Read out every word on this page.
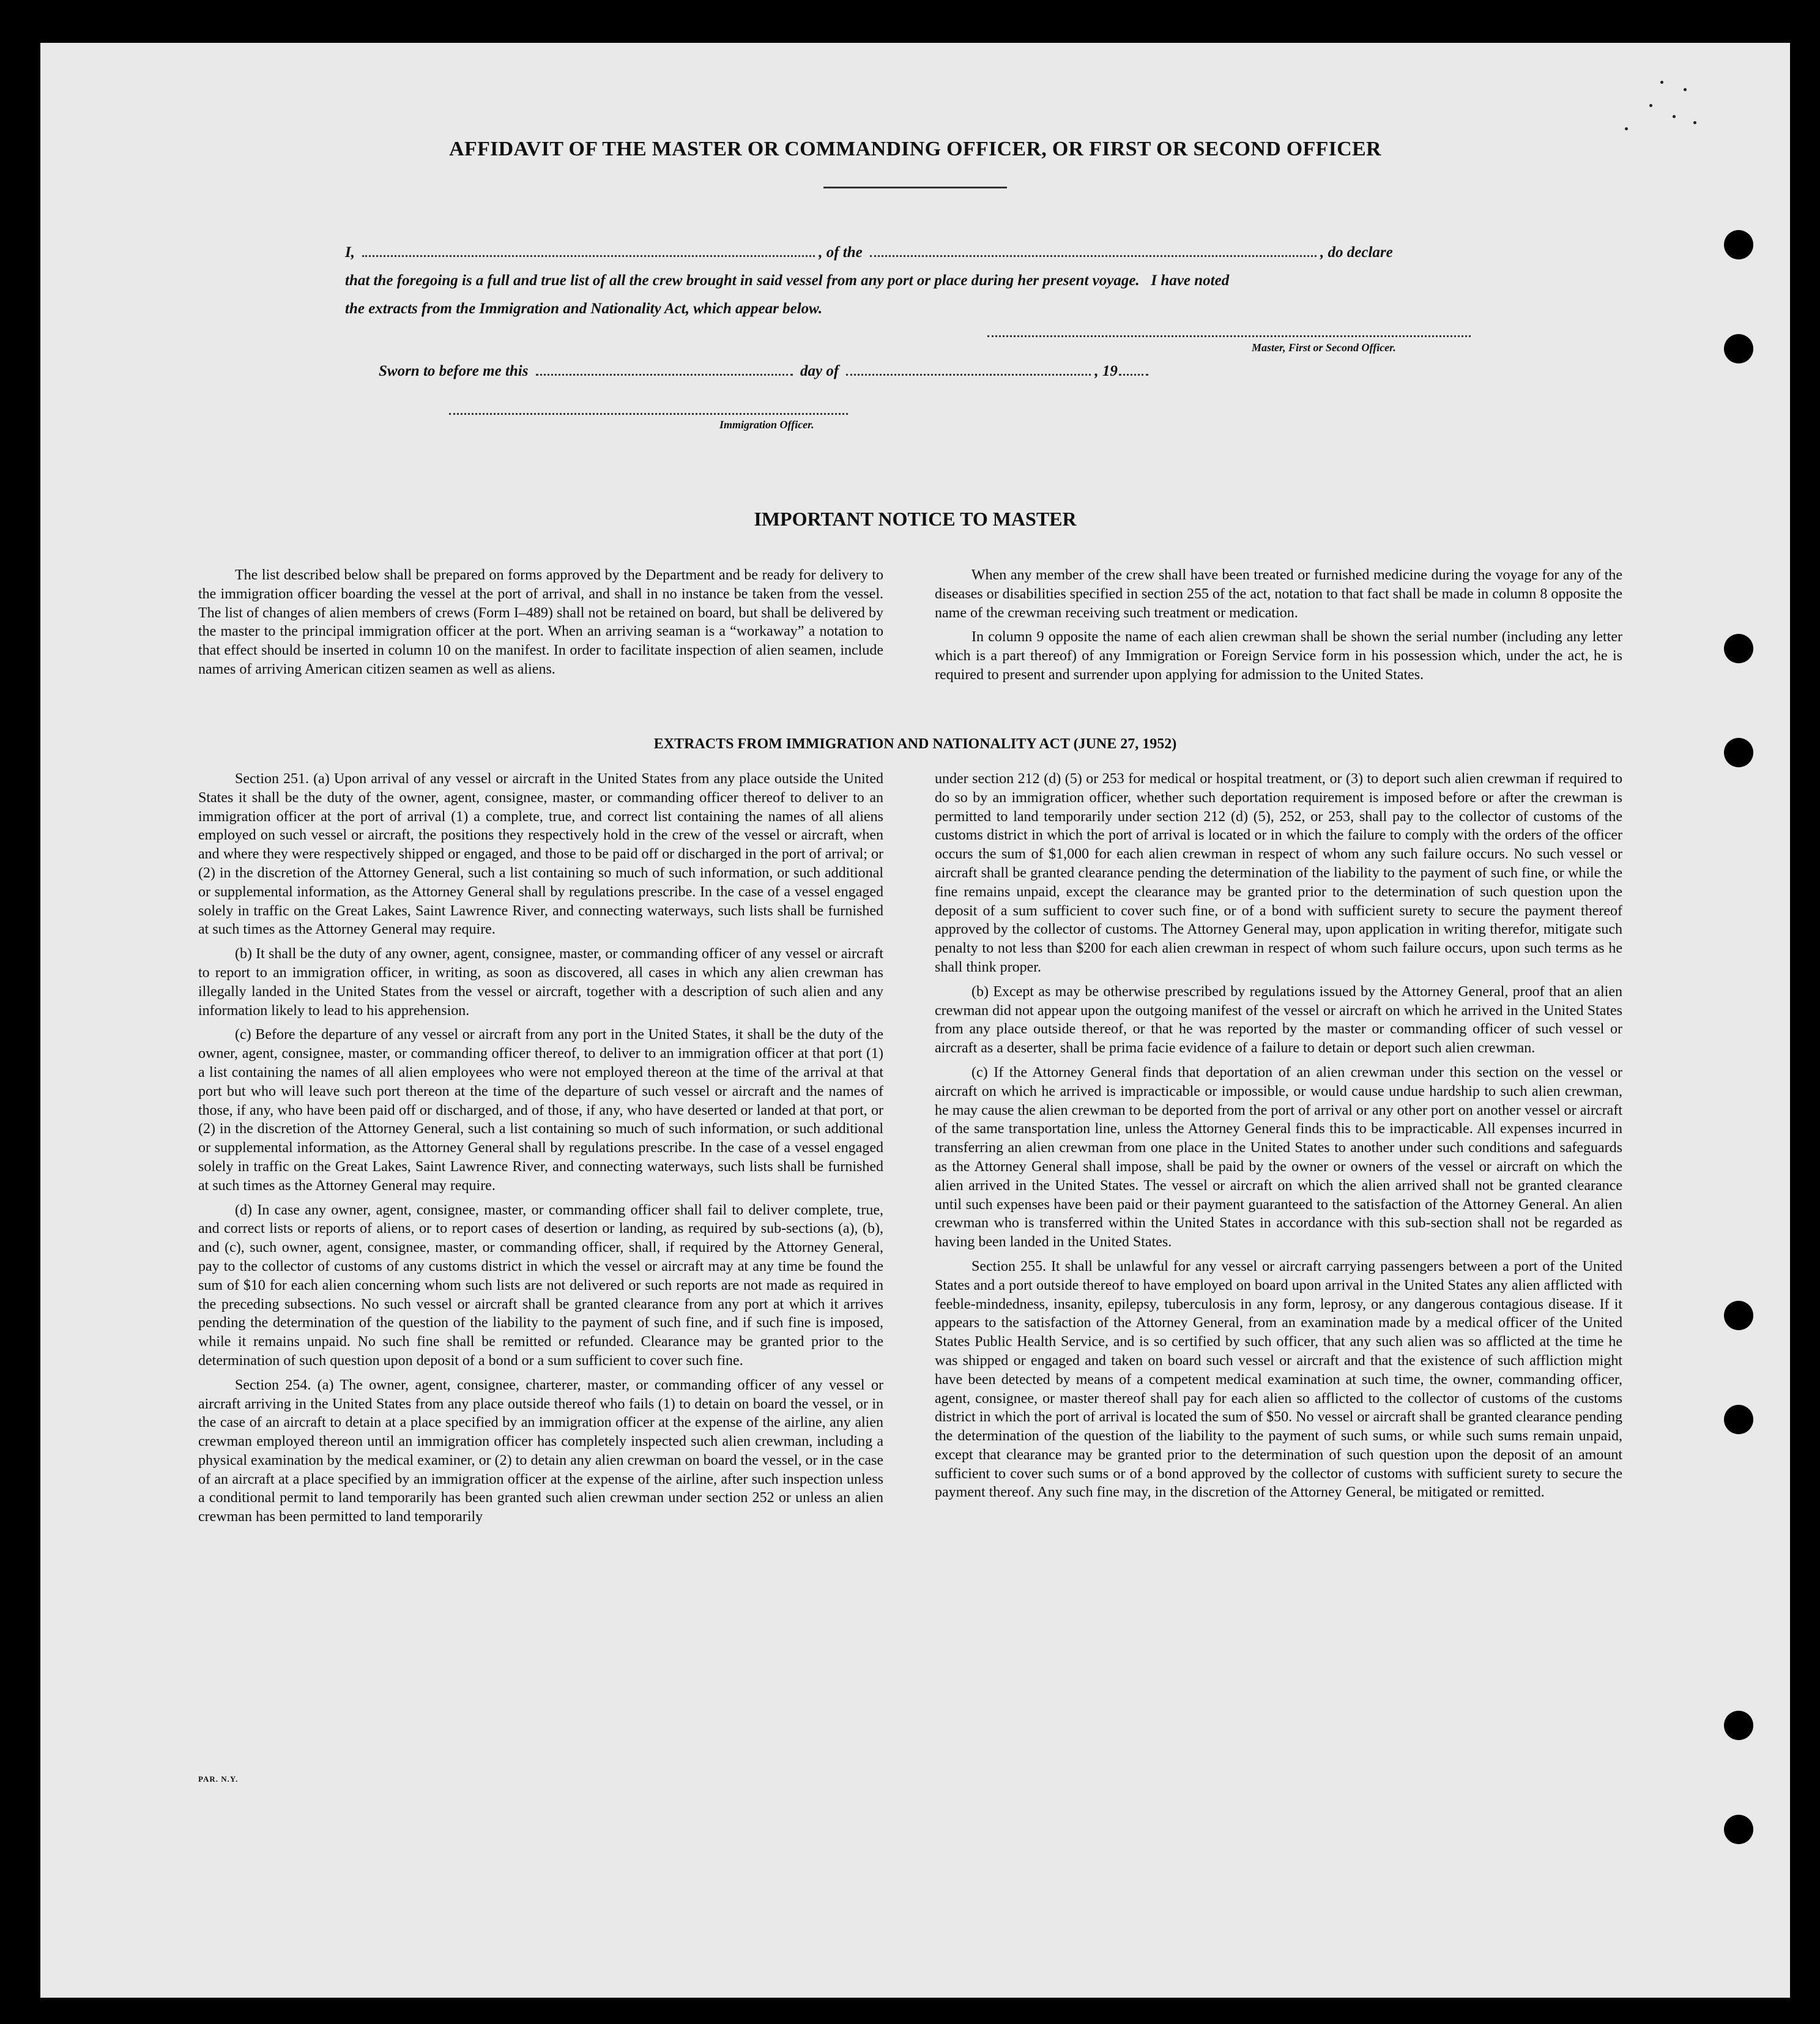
AFFIDAVIT OF THE MASTER OR COMMANDING OFFICER, OR FIRST OR SECOND OFFICER
I,	, of the	, do declare
that the foregoing is a full and true list of all the crew brought in said vessel from any port or place during her present voyage.   I have noted
the extracts from the Immigration and Nationality Act, which appear below.
Master, First or Second Officer.
Sworn to before me this	day of	, 19
Immigration Officer.
IMPORTANT NOTICE TO MASTER

The list described below shall be prepared on forms approved by the Department and be ready for delivery to the immigration officer boarding the vessel at the port of arrival, and shall in no instance be taken from the vessel. The list of changes of alien members of crews (Form I–489) shall not be retained on board, but shall be delivered by the master to the principal immigration officer at the port. When an arriving seaman is a “workaway” a notation to that effect should be inserted in column 10 on the manifest. In order to facilitate inspection of alien seamen, include names of arriving American citizen seamen as well as aliens.

When any member of the crew shall have been treated or furnished medicine during the voyage for any of the diseases or disabilities specified in section 255 of the act, notation to that fact shall be made in column 8 opposite the name of the crewman receiving such treatment or medication.

In column 9 opposite the name of each alien crewman shall be shown the serial number (including any letter which is a part thereof) of any Immigration or Foreign Service form in his possession which, under the act, he is required to present and surrender upon applying for admission to the United States.

EXTRACTS FROM IMMIGRATION AND NATIONALITY ACT (JUNE 27, 1952)

Section 251. (a) Upon arrival of any vessel or aircraft in the United States from any place outside the United States it shall be the duty of the owner, agent, consignee, master, or commanding officer thereof to deliver to an immigration officer at the port of arrival (1) a complete, true, and correct list containing the names of all aliens employed on such vessel or aircraft, the positions they respectively hold in the crew of the vessel or aircraft, when and where they were respectively shipped or engaged, and those to be paid off or discharged in the port of arrival; or (2) in the discretion of the Attorney General, such a list containing so much of such information, or such additional or supplemental information, as the Attorney General shall by regulations prescribe. In the case of a vessel engaged solely in traffic on the Great Lakes, Saint Lawrence River, and connecting waterways, such lists shall be furnished at such times as the Attorney General may require.

(b) It shall be the duty of any owner, agent, consignee, master, or commanding officer of any vessel or aircraft to report to an immigration officer, in writing, as soon as discovered, all cases in which any alien crewman has illegally landed in the United States from the vessel or aircraft, together with a description of such alien and any information likely to lead to his apprehension.

(c) Before the departure of any vessel or aircraft from any port in the United States, it shall be the duty of the owner, agent, consignee, master, or commanding officer thereof, to deliver to an immigration officer at that port (1) a list containing the names of all alien employees who were not employed thereon at the time of the arrival at that port but who will leave such port thereon at the time of the departure of such vessel or aircraft and the names of those, if any, who have been paid off or discharged, and of those, if any, who have deserted or landed at that port, or (2) in the discretion of the Attorney General, such a list containing so much of such information, or such additional or supplemental information, as the Attorney General shall by regulations prescribe. In the case of a vessel engaged solely in traffic on the Great Lakes, Saint Lawrence River, and connecting waterways, such lists shall be furnished at such times as the Attorney General may require.

(d) In case any owner, agent, consignee, master, or commanding officer shall fail to deliver complete, true, and correct lists or reports of aliens, or to report cases of desertion or landing, as required by sub-sections (a), (b), and (c), such owner, agent, consignee, master, or commanding officer, shall, if required by the Attorney General, pay to the collector of customs of any customs district in which the vessel or aircraft may at any time be found the sum of $10 for each alien concerning whom such lists are not delivered or such reports are not made as required in the preceding subsections. No such vessel or aircraft shall be granted clearance from any port at which it arrives pending the determination of the question of the liability to the payment of such fine, and if such fine is imposed, while it remains unpaid. No such fine shall be remitted or refunded. Clearance may be granted prior to the determination of such question upon deposit of a bond or a sum sufficient to cover such fine.

Section 254. (a) The owner, agent, consignee, charterer, master, or commanding officer of any vessel or aircraft arriving in the United States from any place outside thereof who fails (1) to detain on board the vessel, or in the case of an aircraft to detain at a place specified by an immigration officer at the expense of the airline, any alien crewman employed thereon until an immigration officer has completely inspected such alien crewman, including a physical examination by the medical examiner, or (2) to detain any alien crewman on board the vessel, or in the case of an aircraft at a place specified by an immigration officer at the expense of the airline, after such inspection unless a conditional permit to land temporarily has been granted such alien crewman under section 252 or unless an alien crewman has been permitted to land temporarily

under section 212 (d) (5) or 253 for medical or hospital treatment, or (3) to deport such alien crewman if required to do so by an immigration officer, whether such deportation requirement is imposed before or after the crewman is permitted to land temporarily under section 212 (d) (5), 252, or 253, shall pay to the collector of customs of the customs district in which the port of arrival is located or in which the failure to comply with the orders of the officer occurs the sum of $1,000 for each alien crewman in respect of whom any such failure occurs. No such vessel or aircraft shall be granted clearance pending the determination of the liability to the payment of such fine, or while the fine remains unpaid, except the clearance may be granted prior to the determination of such question upon the deposit of a sum sufficient to cover such fine, or of a bond with sufficient surety to secure the payment thereof approved by the collector of customs. The Attorney General may, upon application in writing therefor, mitigate such penalty to not less than $200 for each alien crewman in respect of whom such failure occurs, upon such terms as he shall think proper.

(b) Except as may be otherwise prescribed by regulations issued by the Attorney General, proof that an alien crewman did not appear upon the outgoing manifest of the vessel or aircraft on which he arrived in the United States from any place outside thereof, or that he was reported by the master or commanding officer of such vessel or aircraft as a deserter, shall be prima facie evidence of a failure to detain or deport such alien crewman.

(c) If the Attorney General finds that deportation of an alien crewman under this section on the vessel or aircraft on which he arrived is impracticable or impossible, or would cause undue hardship to such alien crewman, he may cause the alien crewman to be deported from the port of arrival or any other port on another vessel or aircraft of the same transportation line, unless the Attorney General finds this to be impracticable. All expenses incurred in transferring an alien crewman from one place in the United States to another under such conditions and safeguards as the Attorney General shall impose, shall be paid by the owner or owners of the vessel or aircraft on which the alien arrived in the United States. The vessel or aircraft on which the alien arrived shall not be granted clearance until such expenses have been paid or their payment guaranteed to the satisfaction of the Attorney General. An alien crewman who is transferred within the United States in accordance with this sub-section shall not be regarded as having been landed in the United States.

Section 255. It shall be unlawful for any vessel or aircraft carrying passengers between a port of the United States and a port outside thereof to have employed on board upon arrival in the United States any alien afflicted with feeble-mindedness, insanity, epilepsy, tuberculosis in any form, leprosy, or any dangerous contagious disease. If it appears to the satisfaction of the Attorney General, from an examination made by a medical officer of the United States Public Health Service, and is so certified by such officer, that any such alien was so afflicted at the time he was shipped or engaged and taken on board such vessel or aircraft and that the existence of such affliction might have been detected by means of a competent medical examination at such time, the owner, commanding officer, agent, consignee, or master thereof shall pay for each alien so afflicted to the collector of customs of the customs district in which the port of arrival is located the sum of $50. No vessel or aircraft shall be granted clearance pending the determination of the question of the liability to the payment of such sums, or while such sums remain unpaid, except that clearance may be granted prior to the determination of such question upon the deposit of an amount sufficient to cover such sums or of a bond approved by the collector of customs with sufficient surety to secure the payment thereof. Any such fine may, in the discretion of the Attorney General, be mitigated or remitted.

PAR. N.Y.
